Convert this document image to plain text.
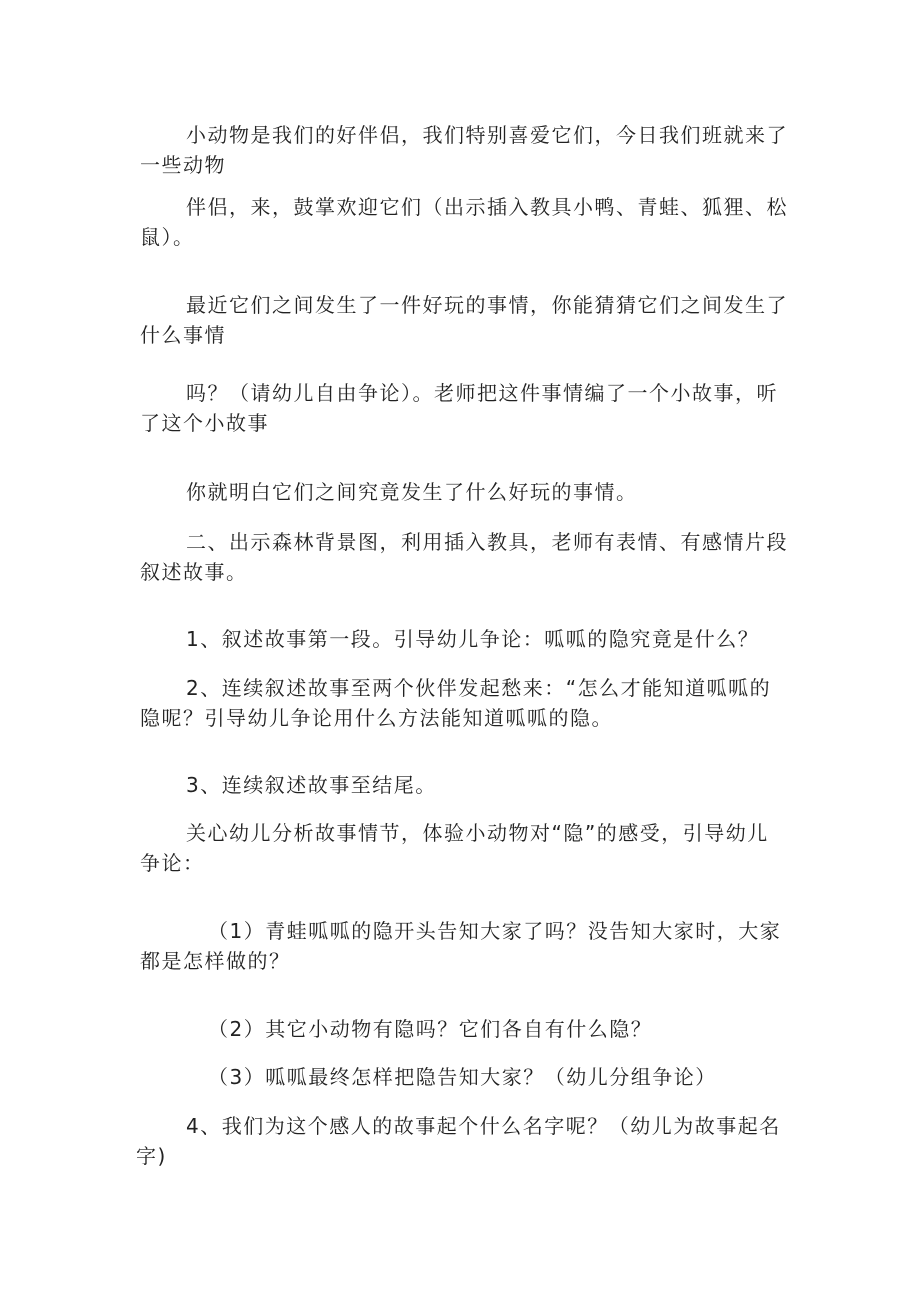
小动物是我们的好伴侣，我们特别喜爱它们，今日我们班就来了一些动物

伴侣，来，鼓掌欢迎它们（出示插入教具小鸭、青蛙、狐狸、松鼠）。

最近它们之间发生了一件好玩的事情，你能猜猜它们之间发生了什么事情

吗？（请幼儿自由争论）。老师把这件事情编了一个小故事，听了这个小故事

你就明白它们之间究竟发生了什么好玩的事情。

二、出示森林背景图，利用插入教具，老师有表情、有感情片段叙述故事。

1、叙述故事第一段。引导幼儿争论：呱呱的隐究竟是什么？

2、连续叙述故事至两个伙伴发起愁来：“怎么才能知道呱呱的隐呢？引导幼儿争论用什么方法能知道呱呱的隐。

3、连续叙述故事至结尾。

关心幼儿分析故事情节，体验小动物对“隐”的感受，引导幼儿争论：

（1）青蛙呱呱的隐开头告知大家了吗？没告知大家时，大家都是怎样做的？

（2）其它小动物有隐吗？它们各自有什么隐？

（3）呱呱最终怎样把隐告知大家？（幼儿分组争论）

4、我们为这个感人的故事起个什么名字呢？（幼儿为故事起名字)
